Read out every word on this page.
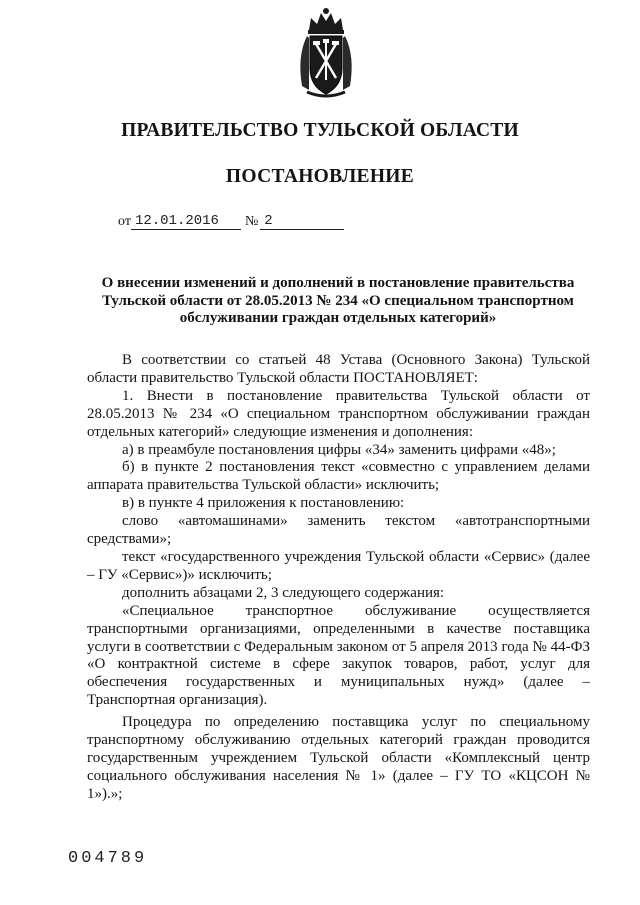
ПРАВИТЕЛЬСТВО ТУЛЬСКОЙ ОБЛАСТИ
ПОСТАНОВЛЕНИЕ
от 12.01.2016	№ 2
О внесении изменений и дополнений в постановление правительства Тульской области от 28.05.2013 № 234 «О специальном транспортном обслуживании граждан отдельных категорий»

В соответствии со статьей 48 Устава (Основного Закона) Тульской области правительство Тульской области ПОСТАНОВЛЯЕТ:

1. Внести в постановление правительства Тульской области от 28.05.2013 № 234 «О специальном транспортном обслуживании граждан отдельных категорий» следующие изменения и дополнения:

а) в преамбуле постановления цифры «34» заменить цифрами «48»;

б) в пункте 2 постановления текст «совместно с управлением делами аппарата правительства Тульской области» исключить;

в) в пункте 4 приложения к постановлению:

слово «автомашинами» заменить текстом «автотранспортными средствами»;

текст «государственного учреждения Тульской области «Сервис» (далее – ГУ «Сервис»)» исключить;

дополнить абзацами 2, 3 следующего содержания:

«Специальное транспортное обслуживание осуществляется транспортными организациями, определенными в качестве поставщика услуги в соответствии с Федеральным законом от 5 апреля 2013 года № 44-ФЗ «О контрактной системе в сфере закупок товаров, работ, услуг для обеспечения государственных и муниципальных нужд» (далее – Транспортная организация).

Процедура по определению поставщика услуг по специальному транспортному обслуживанию отдельных категорий граждан проводится государственным учреждением Тульской области «Комплексный центр социального обслуживания населения № 1» (далее – ГУ ТО «КЦСОН № 1»).»;

004789
